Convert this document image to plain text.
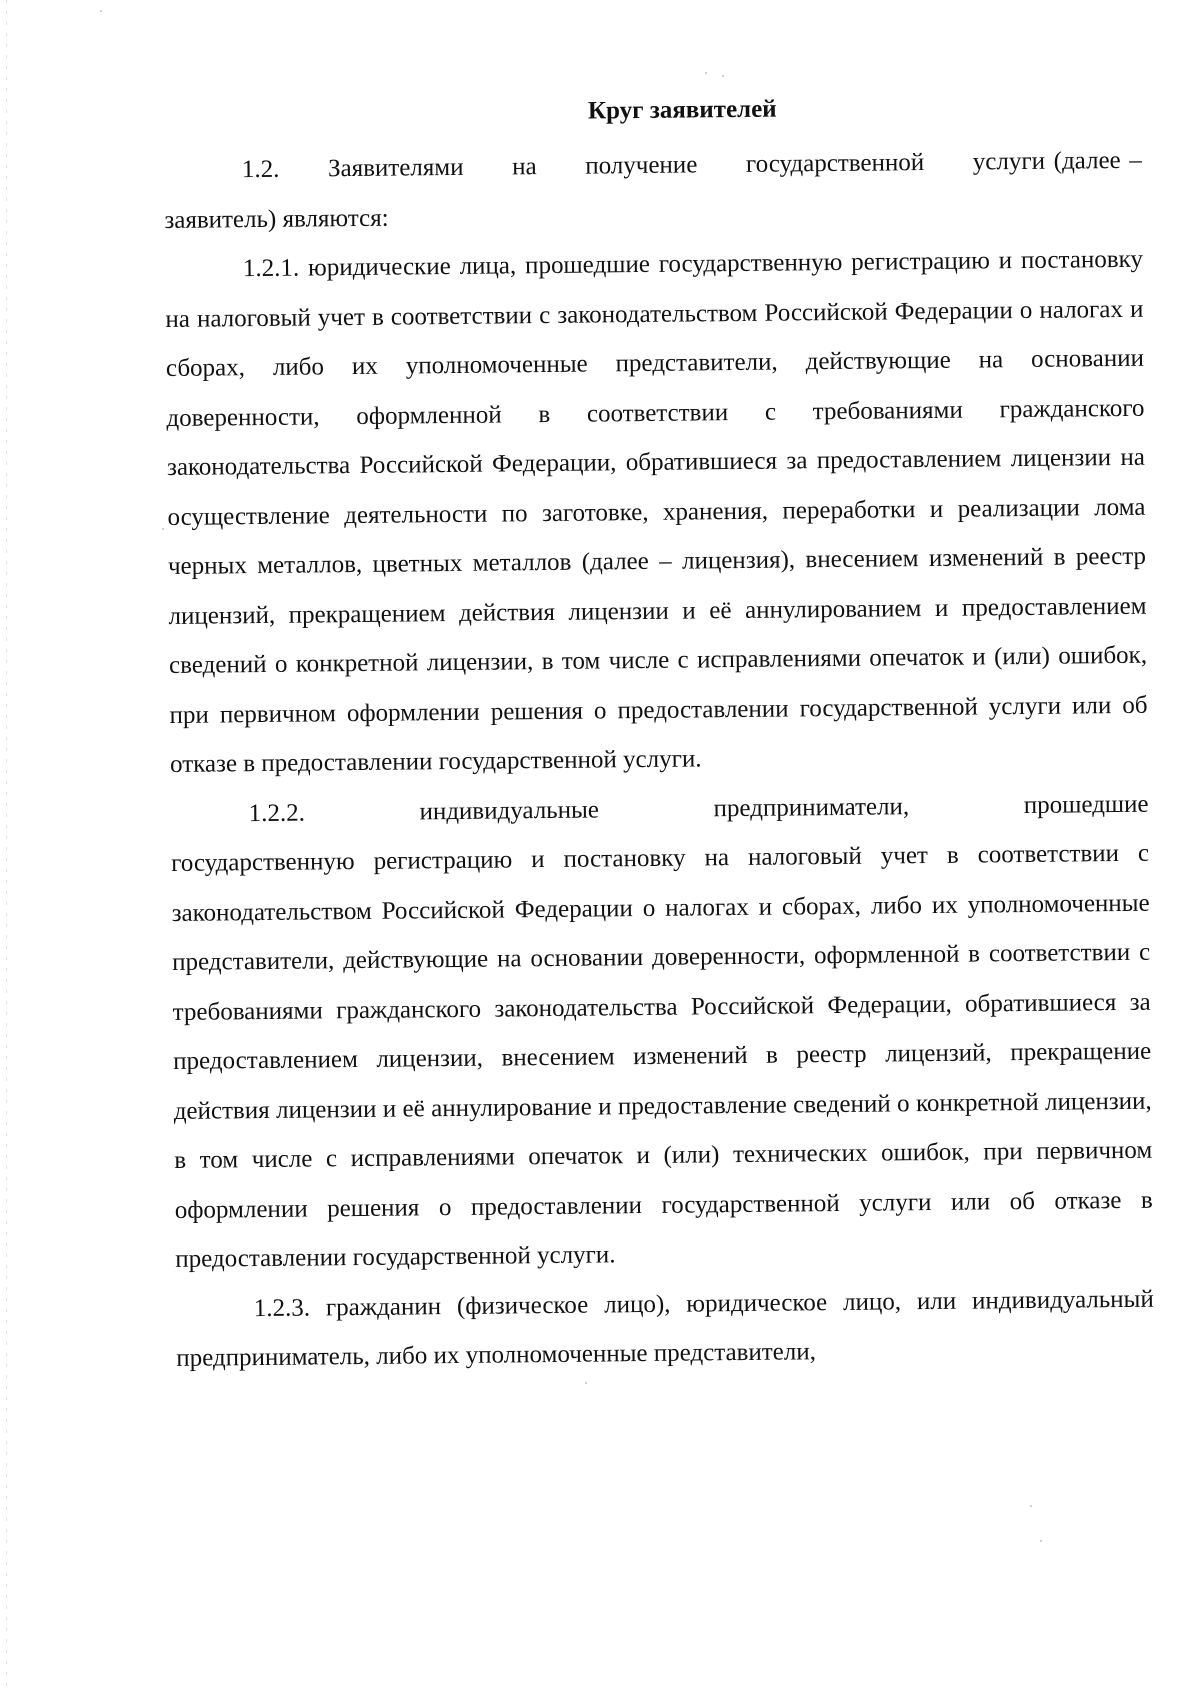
Круг заявителей

1.2. Заявителями на получение государственной услуги (далее – заявитель) являются:

1.2.1. юридические лица, прошедшие государственную регистрацию и постановку на налоговый учет в соответствии с законодательством Российской Федерации о налогах и сборах, либо их уполномоченные представители, действующие на основании доверенности, оформленной в соответствии с требованиями гражданского законодательства Российской Федерации, обратившиеся за предоставлением лицензии на осуществление деятельности по заготовке, хранения, переработки и реализации лома черных металлов, цветных металлов (далее – лицензия), внесением изменений в реестр лицензий, прекращением действия лицензии и её аннулированием и предоставлением сведений о конкретной лицензии, в том числе с исправлениями опечаток и (или) ошибок, при первичном оформлении решения о предоставлении государственной услуги или об отказе в предоставлении государственной услуги.

1.2.2. индивидуальные предприниматели, прошедшие государственную регистрацию и постановку на налоговый учет в соответствии с законодательством Российской Федерации о налогах и сборах, либо их уполномоченные представители, действующие на основании доверенности, оформленной в соответствии с требованиями гражданского законодательства Российской Федерации, обратившиеся за предоставлением лицензии, внесением изменений в реестр лицензий, прекращение действия лицензии и её аннулирование и предоставление сведений о конкретной лицензии, в том числе с исправлениями опечаток и (или) технических ошибок, при первичном оформлении решения о предоставлении государственной услуги или об отказе в предоставлении государственной услуги.

1.2.3. гражданин (физическое лицо), юридическое лицо, или индивидуальный предприниматель, либо их уполномоченные представители,
